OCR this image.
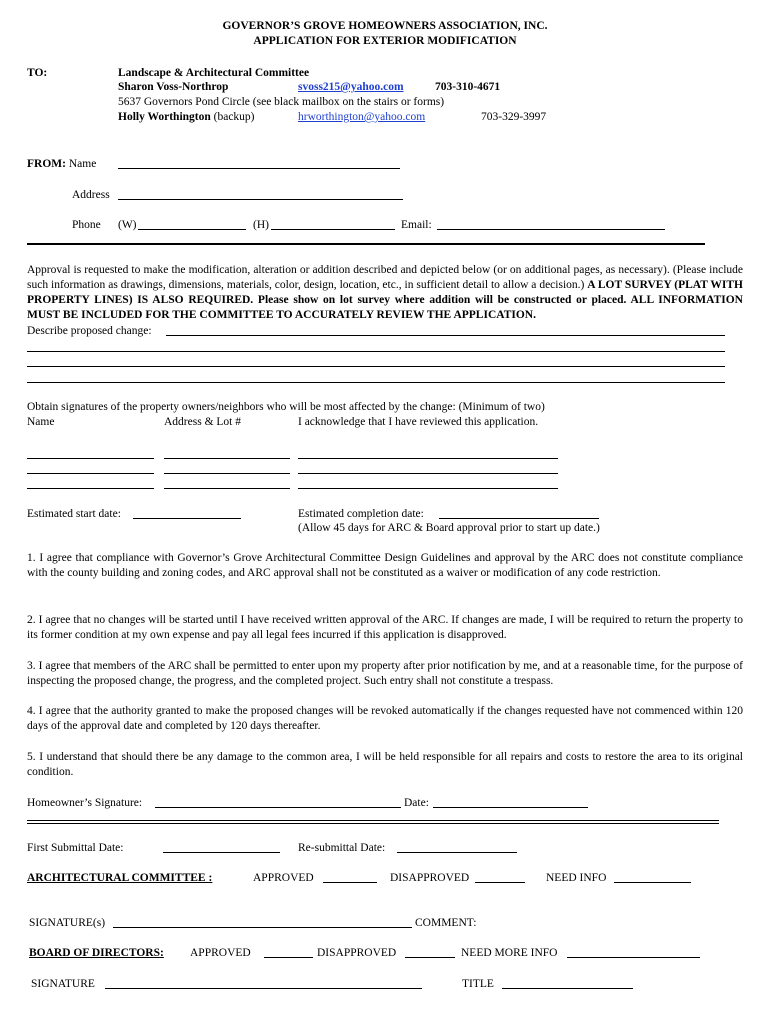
GOVERNOR’S GROVE HOMEOWNERS ASSOCIATION, INC.
APPLICATION FOR EXTERIOR MODIFICATION
TO:	Landscape & Architectural Committee
Sharon Voss-Northrop	svoss215@yahoo.com	703-310-4671
5637 Governors Pond Circle (see black mailbox on the stairs or forms)
Holly Worthington (backup)	hrworthington@yahoo.com	703-329-3997
FROM: Name
Address
Phone (W)	(H)	Email:
Approval is requested to make the modification, alteration or addition described and depicted below (or on additional pages, as necessary). (Please include such information as drawings, dimensions, materials, color, design, location, etc., in sufficient detail to allow a decision.) A LOT SURVEY (PLAT WITH PROPERTY LINES) IS ALSO REQUIRED. Please show on lot survey where addition will be constructed or placed. ALL INFORMATION MUST BE INCLUDED FOR THE COMMITTEE TO ACCURATELY REVIEW THE APPLICATION.
Describe proposed change:
Obtain signatures of the property owners/neighbors who will be most affected by the change: (Minimum of two)
Name	Address & Lot #	I acknowledge that I have reviewed this application.
Estimated start date:	Estimated completion date:
(Allow 45 days for ARC & Board approval prior to start up date.)
1. I agree that compliance with Governor’s Grove Architectural Committee Design Guidelines and approval by the ARC does not constitute compliance with the county building and zoning codes, and ARC approval shall not be constituted as a waiver or modification of any code restriction.
2. I agree that no changes will be started until I have received written approval of the ARC. If changes are made, I will be required to return the property to its former condition at my own expense and pay all legal fees incurred if this application is disapproved.
3. I agree that members of the ARC shall be permitted to enter upon my property after prior notification by me, and at a reasonable time, for the purpose of inspecting the proposed change, the progress, and the completed project. Such entry shall not constitute a trespass.
4. I agree that the authority granted to make the proposed changes will be revoked automatically if the changes requested have not commenced within 120 days of the approval date and completed by 120 days thereafter.
5. I understand that should there be any damage to the common area, I will be held responsible for all repairs and costs to restore the area to its original condition.
Homeowner’s Signature:	Date:
First Submittal Date:	Re-submittal Date:
ARCHITECTURAL COMMITTEE :	APPROVED	DISAPPROVED	NEED INFO
SIGNATURE(s)	COMMENT:
BOARD OF DIRECTORS: APPROVED	DISAPPROVED	NEED MORE INFO
SIGNATURE	TITLE
